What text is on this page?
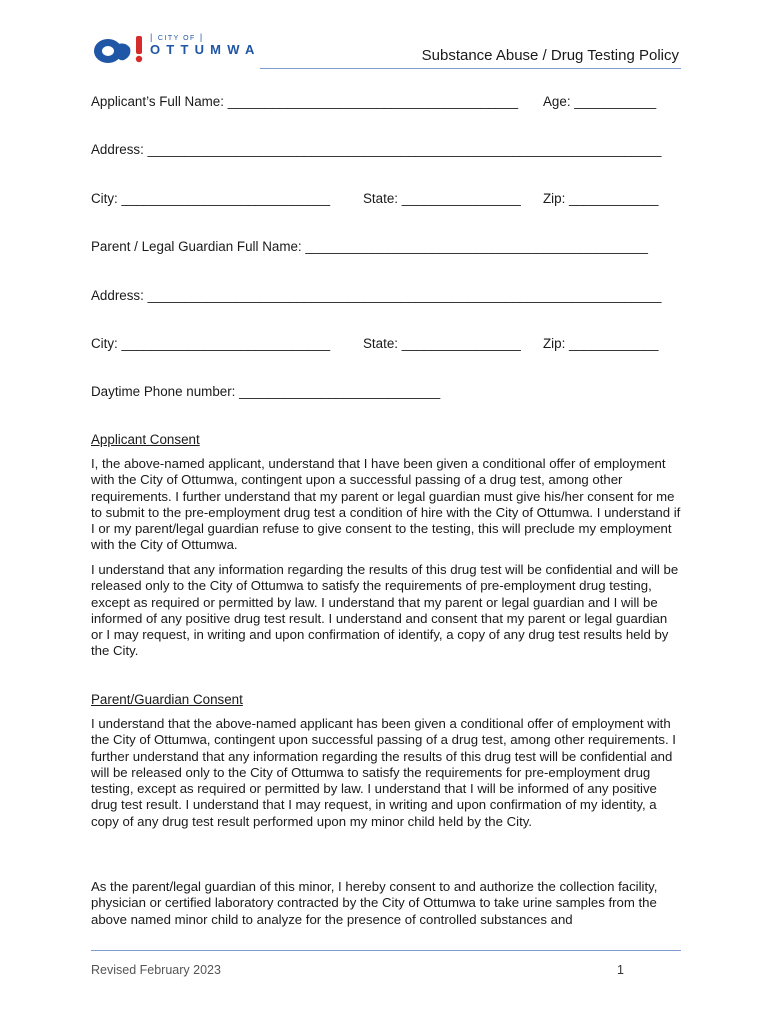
| CITY OF |
OTTUMWA	Substance Abuse / Drug Testing Policy
Applicant’s Full Name: _______________________________________ Age: ___________
Address: _____________________________________________________________________
City: ____________________________ State: ________________ Zip: ____________
Parent / Legal Guardian Full Name: ______________________________________________
Address: _____________________________________________________________________
City: ____________________________ State: ________________ Zip: ____________
Daytime Phone number: ___________________________
Applicant Consent

I, the above-named applicant, understand that I have been given a conditional offer of employment with the City of Ottumwa, contingent upon a successful passing of a drug test, among other requirements. I further understand that my parent or legal guardian must give his/her consent for me to submit to the pre-employment drug test a condition of hire with the City of Ottumwa. I understand if I or my parent/legal guardian refuse to give consent to the testing, this will preclude my employment with the City of Ottumwa.

I understand that any information regarding the results of this drug test will be confidential and will be released only to the City of Ottumwa to satisfy the requirements of pre-employment drug testing, except as required or permitted by law. I understand that my parent or legal guardian and I will be informed of any positive drug test result. I understand and consent that my parent or legal guardian or I may request, in writing and upon confirmation of identify, a copy of any drug test results held by the City.

Parent/Guardian Consent

I understand that the above-named applicant has been given a conditional offer of employment with the City of Ottumwa, contingent upon successful passing of a drug test, among other requirements. I further understand that any information regarding the results of this drug test will be confidential and will be released only to the City of Ottumwa to satisfy the requirements for pre-employment drug testing, except as required or permitted by law. I understand that I will be informed of any positive drug test result. I understand that I may request, in writing and upon confirmation of my identity, a copy of any drug test result performed upon my minor child held by the City.

As the parent/legal guardian of this minor, I hereby consent to and authorize the collection facility, physician or certified laboratory contracted by the City of Ottumwa to take urine samples from the above named minor child to analyze for the presence of controlled substances and

Revised February 2023	1
